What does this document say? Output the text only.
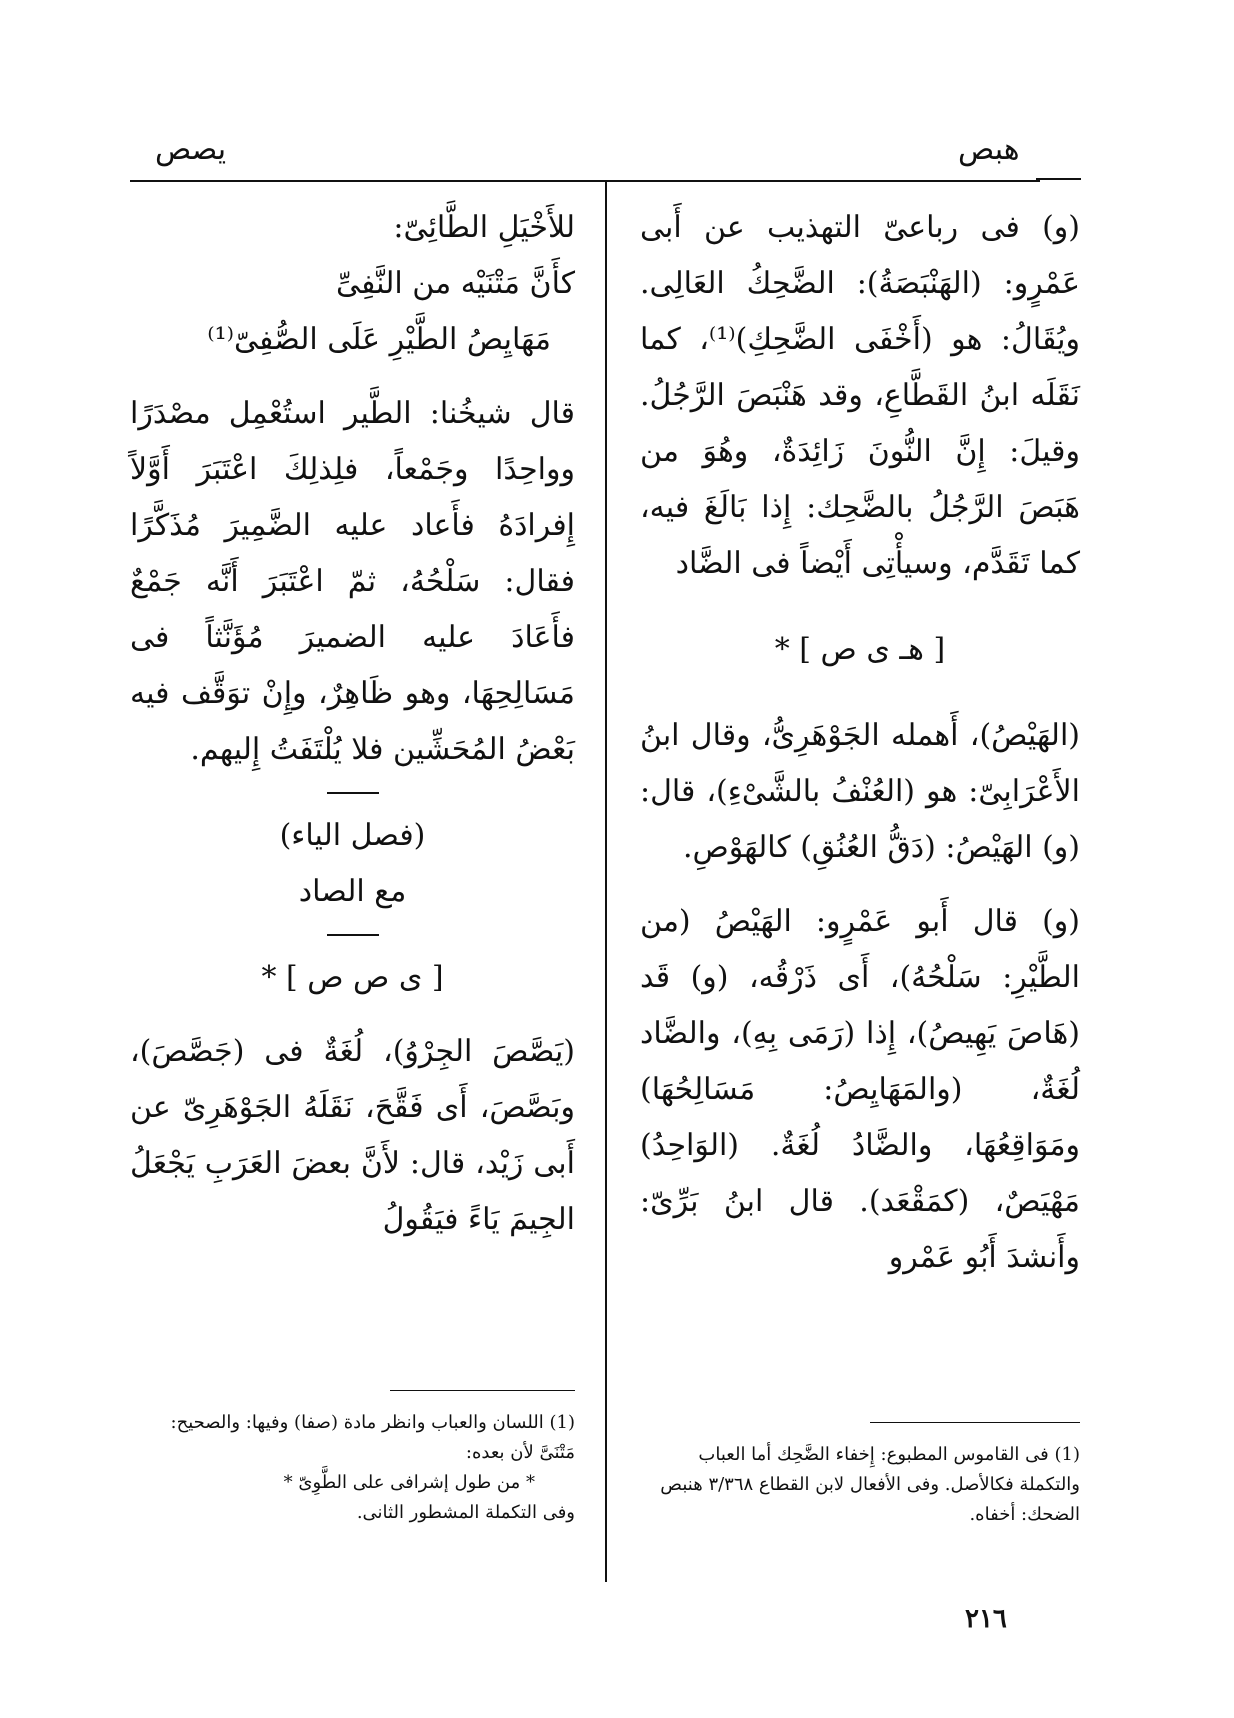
هبص
يصص

(و) فى رباعىّ التهذيب عن أَبى عَمْرٍو: (الهَنْبَصَةُ): الضَّحِكُ العَالِى. ويُقَالُ: هو (أَخْفَى الضَّحِكِ)⁽¹⁾، كما نَقَلَه ابنُ القَطَّاعِ، وقد هَنْبَصَ الرَّجُلُ. وقيلَ: إِنَّ النُّونَ زَائِدَةٌ، وهُوَ من هَبَصَ الرَّجُلُ بالضَّحِك: إِذا بَالَغَ فيه، كما تَقَدَّم، وسيأْتِى أَيْضاً فى الضَّاد

[ هـ ى ص ] *

(الهَيْصُ)، أَهمله الجَوْهَرِىُّ، وقال ابنُ الأَعْرَابِىّ: هو (العُنْفُ بالشَّىْءِ)، قال: (و) الهَيْصُ: (دَقُّ العُنُقِ) كالهَوْصِ.

(و) قال أَبو عَمْرٍو: الهَيْصُ (من الطَّيْرِ: سَلْحُهُ)، أَى ذَرْقُه، (و) قَد (هَاصَ يَهِيصُ)، إِذا (رَمَى بِهِ)، والضَّاد لُغَةٌ، (والمَهَايِصُ: مَسَالِحُهَا) ومَوَاقِعُهَا، والضَّادُ لُغَةٌ. (الوَاحِدُ) مَهْيَصٌ، (كمَقْعَد). قال ابنُ بَرِّىّ: وأَنشدَ أَبُو عَمْرو

(1) فى القاموس المطبوع: إِخفاء الضَّحِك أما العباب والتكملة فكالأصل. وفى الأفعال لابن القطاع ٣/٣٦٨ هنبص الضحك: أخفاه.

للأَخْيَلِ الطَّائِىّ:

كأَنَّ مَتْنَيْه من النَّفِىِّ

مَهَايِصُ الطَّيْرِ عَلَى الصُّفِىّ⁽¹⁾

قال شيخُنا: الطَّير استُعْمِل مصْدَرًا وواحِدًا وجَمْعاً، فلِذلِكَ اعْتَبَرَ أَوَّلاً إِفرادَهُ فأَعاد عليه الضَّمِيرَ مُذَكَّرًا فقال: سَلْحُهُ، ثمّ اعْتَبَرَ أَنَّه جَمْعٌ فأَعَادَ عليه الضميرَ مُؤَنَّثاً فى مَسَالِحِهَا، وهو ظَاهِرٌ، وإِنْ توَقَّف فيه بَعْضُ المُحَشِّين فلا يُلْتَفَتُ إِليهم.

(فصل الياء)

مع الصاد

[ ى ص ص ] *

(يَصَّصَ الجِرْوُ)، لُغَةٌ فى (جَصَّصَ)، وبَصَّصَ، أَى فَقَّحَ، نَقَلَهُ الجَوْهَرِىّ عن أَبى زَيْد، قال: لأَنَّ بعضَ العَرَبِ يَجْعَلُ الجِيمَ يَاءً فيَقُولُ

(1) اللسان والعباب وانظر مادة (صفا) وفيها: والصحيح: مَتْنَىَّ لأن بعده:
* من طول إشرافى على الطَّوِىّ *
وفى التكملة المشطور الثانى.
٢١٦
